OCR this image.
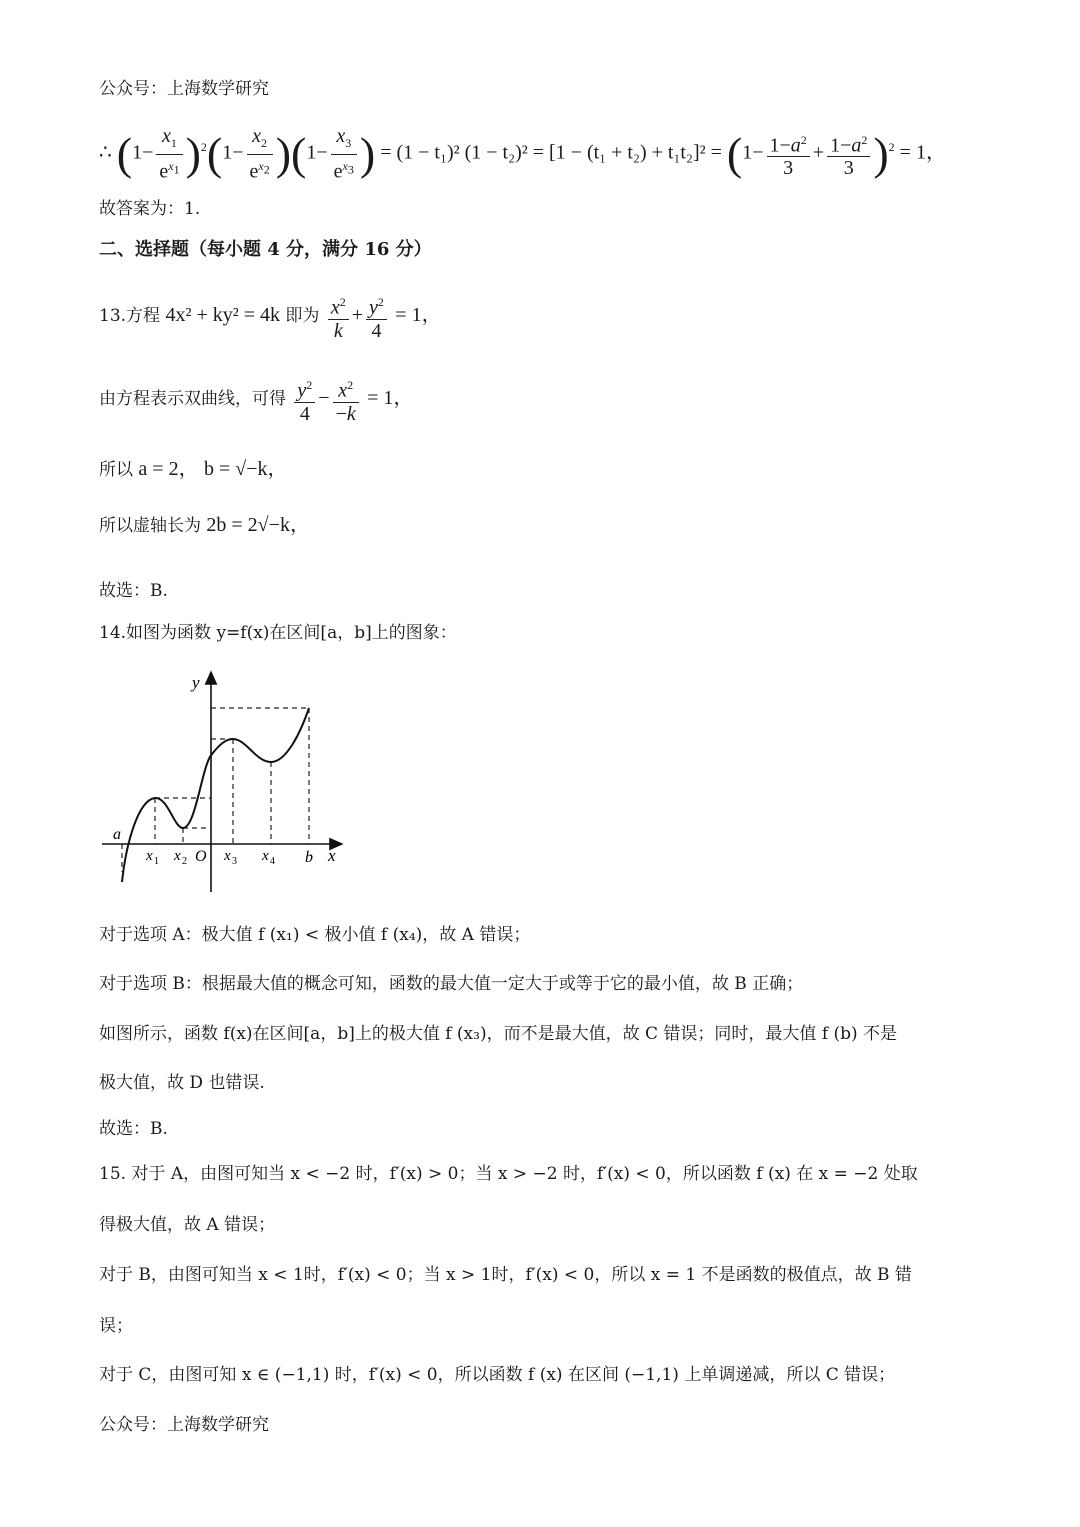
公众号：上海数学研究
∴ $(1- \frac{x_1}{e^{x_1}} )^2(1- \frac{x_2}{e^{x_2}} )(1- \frac{x_3}{e^{x_3}}$ ) = (1 − t₁)² $(1 - t_2)^2 = [1 - (t_1 + t_2) + t_1t_2]^2 = (1- \frac{1-a^2}{3} + \frac{1-a^2}{3} )^2 = 1$，
故答案为：1.
二、选择题（每小题 4 分，满分 16 分）
13.方程 4x² + ky² = 4k 即为 $\frac{x^2}{k} + \frac{y^2}{4} = 1$，
由方程表示双曲线，可得 $\frac{y^2}{4} - \frac{x^2}{-k} = 1$，
所以 a = 2， b = √−k，
所以虚轴长为 2b = 2√−k，
故选：B.
14.如图为函数 y=f(x)在区间[a，b]上的图象：
y
x
a
b
O
x 1 x 2 x 3 x 4
对于选项 A：极大值 f (x₁) < 极小值 f (x₄)，故 A 错误；
对于选项 B：根据最大值的概念可知，函数的最大值一定大于或等于它的最小值，故 B 正确；
如图所示，函数 f(x)在区间[a，b]上的极大值 f (x₃)，而不是最大值，故 C 错误；同时，最大值 f (b) 不是
极大值，故 D 也错误.
故选：B.
15. 对于 A，由图可知当 x < −2 时，f′(x) > 0；当 x > −2 时，f′(x) < 0，所以函数 f (x) 在 x = −2 处取
得极大值，故 A 错误；
对于 B，由图可知当 x < 1时，f′(x) < 0；当 x > 1时，f′(x) < 0，所以 x = 1 不是函数的极值点，故 B 错
误；
对于 C，由图可知 x ∈ (−1,1) 时，f′(x) < 0，所以函数 f (x) 在区间 (−1,1) 上单调递减，所以 C 错误；
公众号：上海数学研究
